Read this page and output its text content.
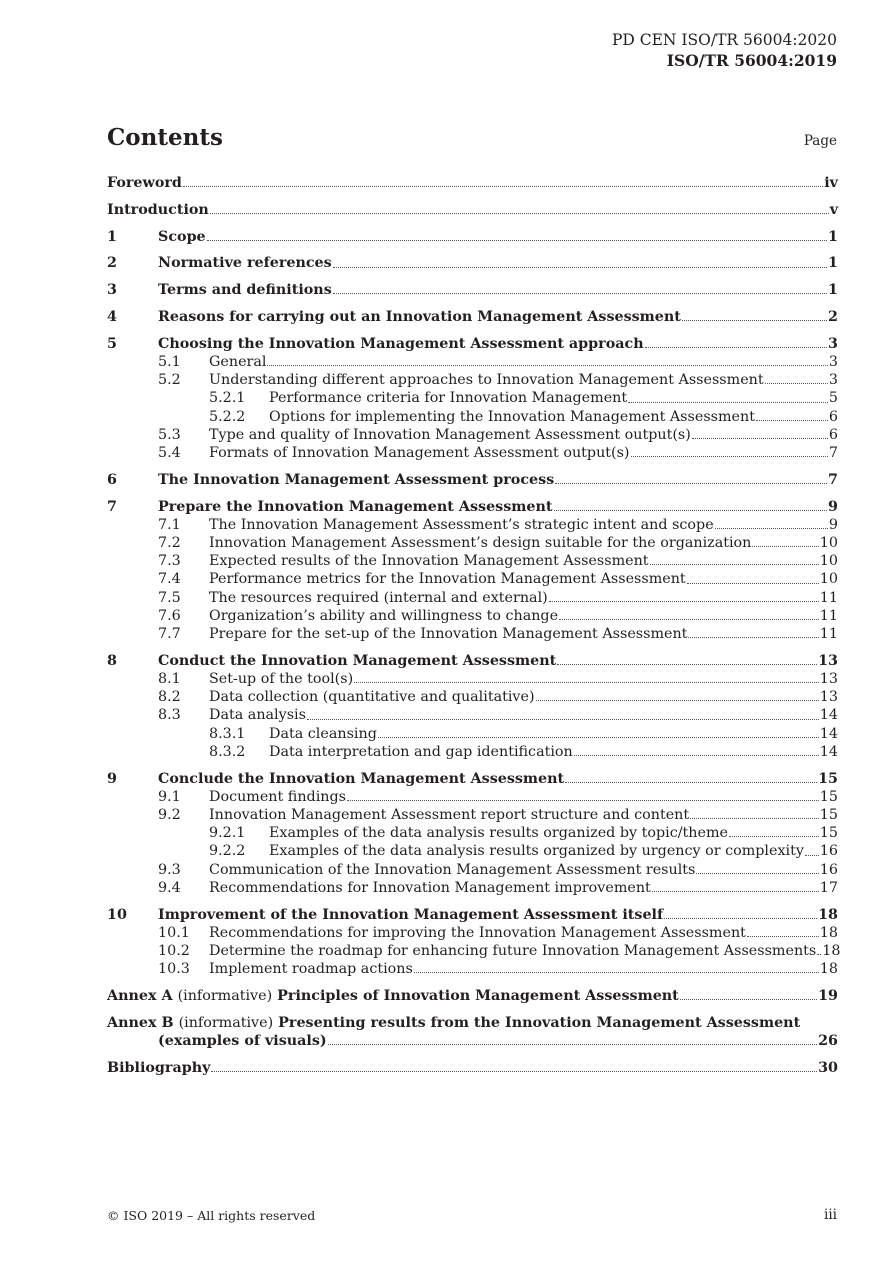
PD CEN ISO/TR 56004:2020
ISO/TR 56004:2019
Contents	Page
Foreword	iv
Introduction	v
1	Scope	1
2	Normative references	1
3	Terms and definitions	1
4	Reasons for carrying out an Innovation Management Assessment	2
5	Choosing the Innovation Management Assessment approach	3
5.1	General	3
5.2	Understanding different approaches to Innovation Management Assessment	3
5.2.1	Performance criteria for Innovation Management	5
5.2.2	Options for implementing the Innovation Management Assessment	6
5.3	Type and quality of Innovation Management Assessment output(s)	6
5.4	Formats of Innovation Management Assessment output(s)	7
6	The Innovation Management Assessment process	7
7	Prepare the Innovation Management Assessment	9
7.1	The Innovation Management Assessment’s strategic intent and scope	9
7.2	Innovation Management Assessment’s design suitable for the organization	10
7.3	Expected results of the Innovation Management Assessment	10
7.4	Performance metrics for the Innovation Management Assessment	10
7.5	The resources required (internal and external)	11
7.6	Organization’s ability and willingness to change	11
7.7	Prepare for the set-up of the Innovation Management Assessment	11
8	Conduct the Innovation Management Assessment	13
8.1	Set-up of the tool(s)	13
8.2	Data collection (quantitative and qualitative)	13
8.3	Data analysis	14
8.3.1	Data cleansing	14
8.3.2	Data interpretation and gap identification	14
9	Conclude the Innovation Management Assessment	15
9.1	Document findings	15
9.2	Innovation Management Assessment report structure and content	15
9.2.1	Examples of the data analysis results organized by topic/theme	15
9.2.2	Examples of the data analysis results organized by urgency or complexity 16
9.3	Communication of the Innovation Management Assessment results	16
9.4	Recommendations for Innovation Management improvement	17
10	Improvement of the Innovation Management Assessment itself	18
10.1	Recommendations for improving the Innovation Management Assessment	18
10.2	Determine the roadmap for enhancing future Innovation Management Assessments 18
10.3	Implement roadmap actions	18
Annex A (informative) Principles of Innovation Management Assessment	19
Annex B (informative) Presenting results from the Innovation Management Assessment
(examples of visuals)	26
Bibliography	30
© ISO 2019 – All rights reserved	iii
